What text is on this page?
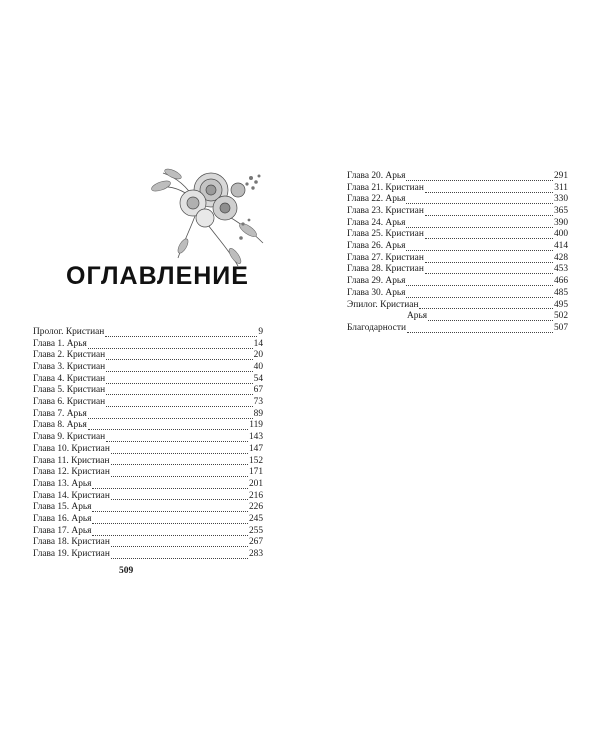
ОГЛАВЛЕНИЕ
Пролог. Кристиан	9
Глава 1. Арья	14
Глава 2. Кристиан	20
Глава 3. Кристиан	40
Глава 4. Кристиан	54
Глава 5. Кристиан	67
Глава 6. Кристиан	73
Глава 7. Арья	89
Глава 8. Арья	119
Глава 9. Кристиан	143
Глава 10. Кристиан	147
Глава 11. Кристиан	152
Глава 12. Кристиан	171
Глава 13. Арья	201
Глава 14. Кристиан	216
Глава 15. Арья	226
Глава 16. Арья	245
Глава 17. Арья	255
Глава 18. Кристиан	267
Глава 19. Кристиан	283
509
Глава 20. Арья	291
Глава 21. Кристиан	311
Глава 22. Арья	330
Глава 23. Кристиан	365
Глава 24. Арья	390
Глава 25. Кристиан	400
Глава 26. Арья	414
Глава 27. Кристиан	428
Глава 28. Кристиан	453
Глава 29. Арья	466
Глава 30. Арья	485
Эпилог. Кристиан	495
Арья	502
Благодарности	507
